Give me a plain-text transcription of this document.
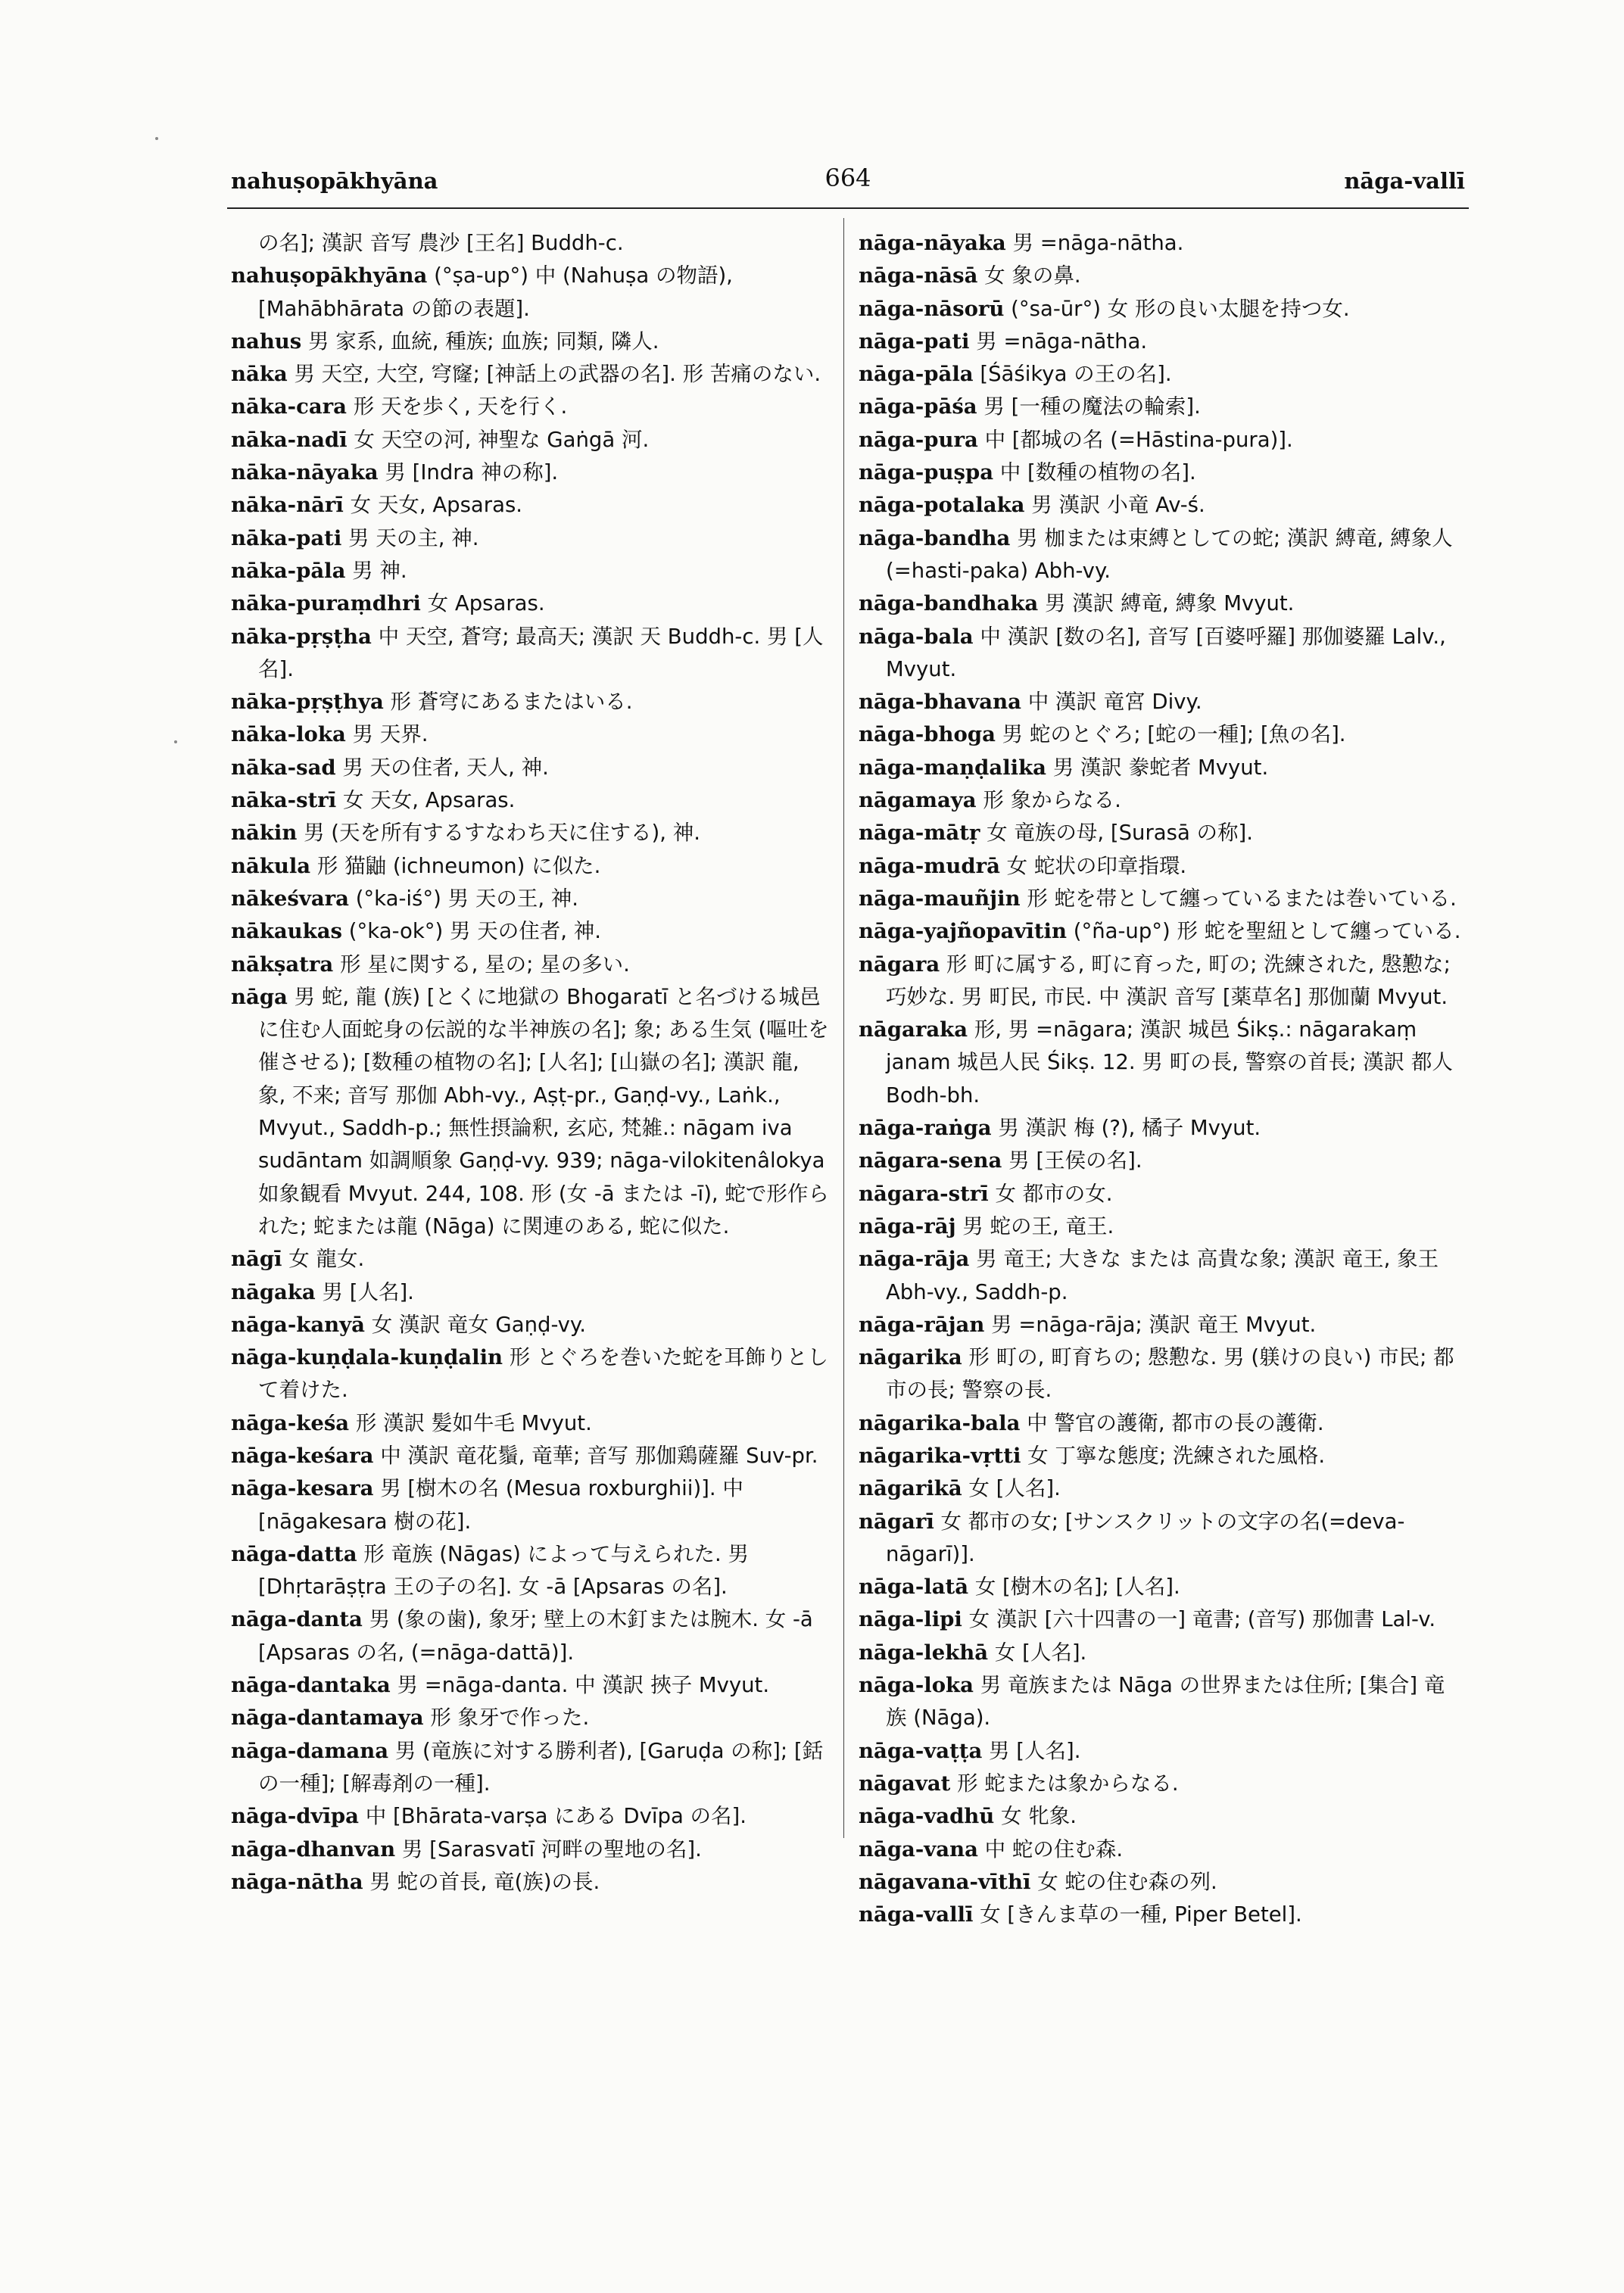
nahuṣopākhyāna	664	nāga-vallī

の名]; 漢訳 音写 農沙 [王名] Buddh-c.

nahuṣopākhyāna (°ṣa-up°) 中 (Nahuṣa の物語), [Mahābhārata の節の表題].

nahus 男 家系, 血統, 種族; 血族; 同類, 隣人.

nāka 男 天空, 大空, 穹窿; [神話上の武器の名]. 形 苦痛のない.

nāka-cara 形 天を歩く, 天を行く.

nāka-nadī 女 天空の河, 神聖な Gaṅgā 河.

nāka-nāyaka 男 [Indra 神の称].

nāka-nārī 女 天女, Apsaras.

nāka-pati 男 天の主, 神.

nāka-pāla 男 神.

nāka-puraṃdhri 女 Apsaras.

nāka-pṛṣṭha 中 天空, 蒼穹; 最高天; 漢訳 天 Buddh-c. 男 [人名].

nāka-pṛṣṭhya 形 蒼穹にあるまたはいる.

nāka-loka 男 天界.

nāka-sad 男 天の住者, 天人, 神.

nāka-strī 女 天女, Apsaras.

nākin 男 (天を所有するすなわち天に住する), 神.

nākula 形 猫鼬 (ichneumon) に似た.

nākeśvara (°ka-iś°) 男 天の王, 神.

nākaukas (°ka-ok°) 男 天の住者, 神.

nākṣatra 形 星に関する, 星の; 星の多い.

nāga 男 蛇, 龍 (族) [とくに地獄の Bhogaratī と名づける城邑に住む人面蛇身の伝説的な半神族の名]; 象; ある生気 (嘔吐を催させる); [数種の植物の名]; [人名]; [山嶽の名]; 漢訳 龍, 象, 不来; 音写 那伽 Abh-vy., Aṣṭ-pr., Gaṇḍ-vy., Laṅk., Mvyut., Saddh-p.; 無性摂論釈, 玄応, 梵雑.: nāgam iva sudāntam 如調順象 Gaṇḍ-vy. 939; nāga-vilokitenâlokya 如象観看 Mvyut. 244, 108. 形 (女 -ā または -ī), 蛇で形作られた; 蛇または龍 (Nāga) に関連のある, 蛇に似た.

nāgī 女 龍女.

nāgaka 男 [人名].

nāga-kanyā 女 漢訳 竜女 Gaṇḍ-vy.

nāga-kuṇḍala-kuṇḍalin 形 とぐろを巻いた蛇を耳飾りとして着けた.

nāga-keśa 形 漢訳 髪如牛毛 Mvyut.

nāga-keśara 中 漢訳 竜花鬚, 竜華; 音写 那伽鶏薩羅 Suv-pr.

nāga-kesara 男 [樹木の名 (Mesua roxburghii)]. 中 [nāgakesara 樹の花].

nāga-datta 形 竜族 (Nāgas) によって与えられた. 男 [Dhṛtarāṣṭra 王の子の名]. 女 -ā [Apsaras の名].

nāga-danta 男 (象の歯), 象牙; 壁上の木釘または腕木. 女 -ā [Apsaras の名, (=nāga-dattā)].

nāga-dantaka 男 =nāga-danta. 中 漢訳 挾子 Mvyut.

nāga-dantamaya 形 象牙で作った.

nāga-damana 男 (竜族に対する勝利者), [Garuḍa の称]; [銛の一種]; [解毒剤の一種].

nāga-dvīpa 中 [Bhārata-varṣa にある Dvīpa の名].

nāga-dhanvan 男 [Sarasvatī 河畔の聖地の名].

nāga-nātha 男 蛇の首長, 竜(族)の長.

nāga-nāyaka 男 =nāga-nātha.

nāga-nāsā 女 象の鼻.

nāga-nāsorū (°sa-ūr°) 女 形の良い太腿を持つ女.

nāga-pati 男 =nāga-nātha.

nāga-pāla [Śāśikya の王の名].

nāga-pāśa 男 [一種の魔法の輪索].

nāga-pura 中 [都城の名 (=Hāstina-pura)].

nāga-puṣpa 中 [数種の植物の名].

nāga-potalaka 男 漢訳 小竜 Av-ś.

nāga-bandha 男 枷または束縛としての蛇; 漢訳 縛竜, 縛象人 (=hasti-paka) Abh-vy.

nāga-bandhaka 男 漢訳 縛竜, 縛象 Mvyut.

nāga-bala 中 漢訳 [数の名], 音写 [百婆呼羅] 那伽婆羅 Lalv., Mvyut.

nāga-bhavana 中 漢訳 竜宮 Divy.

nāga-bhoga 男 蛇のとぐろ; [蛇の一種]; [魚の名].

nāga-maṇḍalika 男 漢訳 豢蛇者 Mvyut.

nāgamaya 形 象からなる.

nāga-mātṛ 女 竜族の母, [Surasā の称].

nāga-mudrā 女 蛇状の印章指環.

nāga-mauñjin 形 蛇を帯として纏っているまたは巻いている.

nāga-yajñopavītin (°ña-up°) 形 蛇を聖紐として纏っている.

nāgara 形 町に属する, 町に育った, 町の; 洗練された, 慇懃な; 巧妙な. 男 町民, 市民. 中 漢訳 音写 [薬草名] 那伽蘭 Mvyut.

nāgaraka 形, 男 =nāgara; 漢訳 城邑 Śikṣ.: nāgarakaṃ janam 城邑人民 Śikṣ. 12. 男 町の長, 警察の首長; 漢訳 都人 Bodh-bh.

nāga-raṅga 男 漢訳 梅 (?), 橘子 Mvyut.

nāgara-sena 男 [王侯の名].

nāgara-strī 女 都市の女.

nāga-rāj 男 蛇の王, 竜王.

nāga-rāja 男 竜王; 大きな または 高貴な象; 漢訳 竜王, 象王 Abh-vy., Saddh-p.

nāga-rājan 男 =nāga-rāja; 漢訳 竜王 Mvyut.

nāgarika 形 町の, 町育ちの; 慇懃な. 男 (躾けの良い) 市民; 都市の長; 警察の長.

nāgarika-bala 中 警官の護衛, 都市の長の護衛.

nāgarika-vṛtti 女 丁寧な態度; 洗練された風格.

nāgarikā 女 [人名].

nāgarī 女 都市の女; [サンスクリットの文字の名(=deva-nāgarī)].

nāga-latā 女 [樹木の名]; [人名].

nāga-lipi 女 漢訳 [六十四書の一] 竜書; (音写) 那伽書 Lal-v.

nāga-lekhā 女 [人名].

nāga-loka 男 竜族または Nāga の世界または住所; [集合] 竜族 (Nāga).

nāga-vaṭṭa 男 [人名].

nāgavat 形 蛇または象からなる.

nāga-vadhū 女 牝象.

nāga-vana 中 蛇の住む森.

nāgavana-vīthī 女 蛇の住む森の列.

nāga-vallī 女 [きんま草の一種, Piper Betel].
